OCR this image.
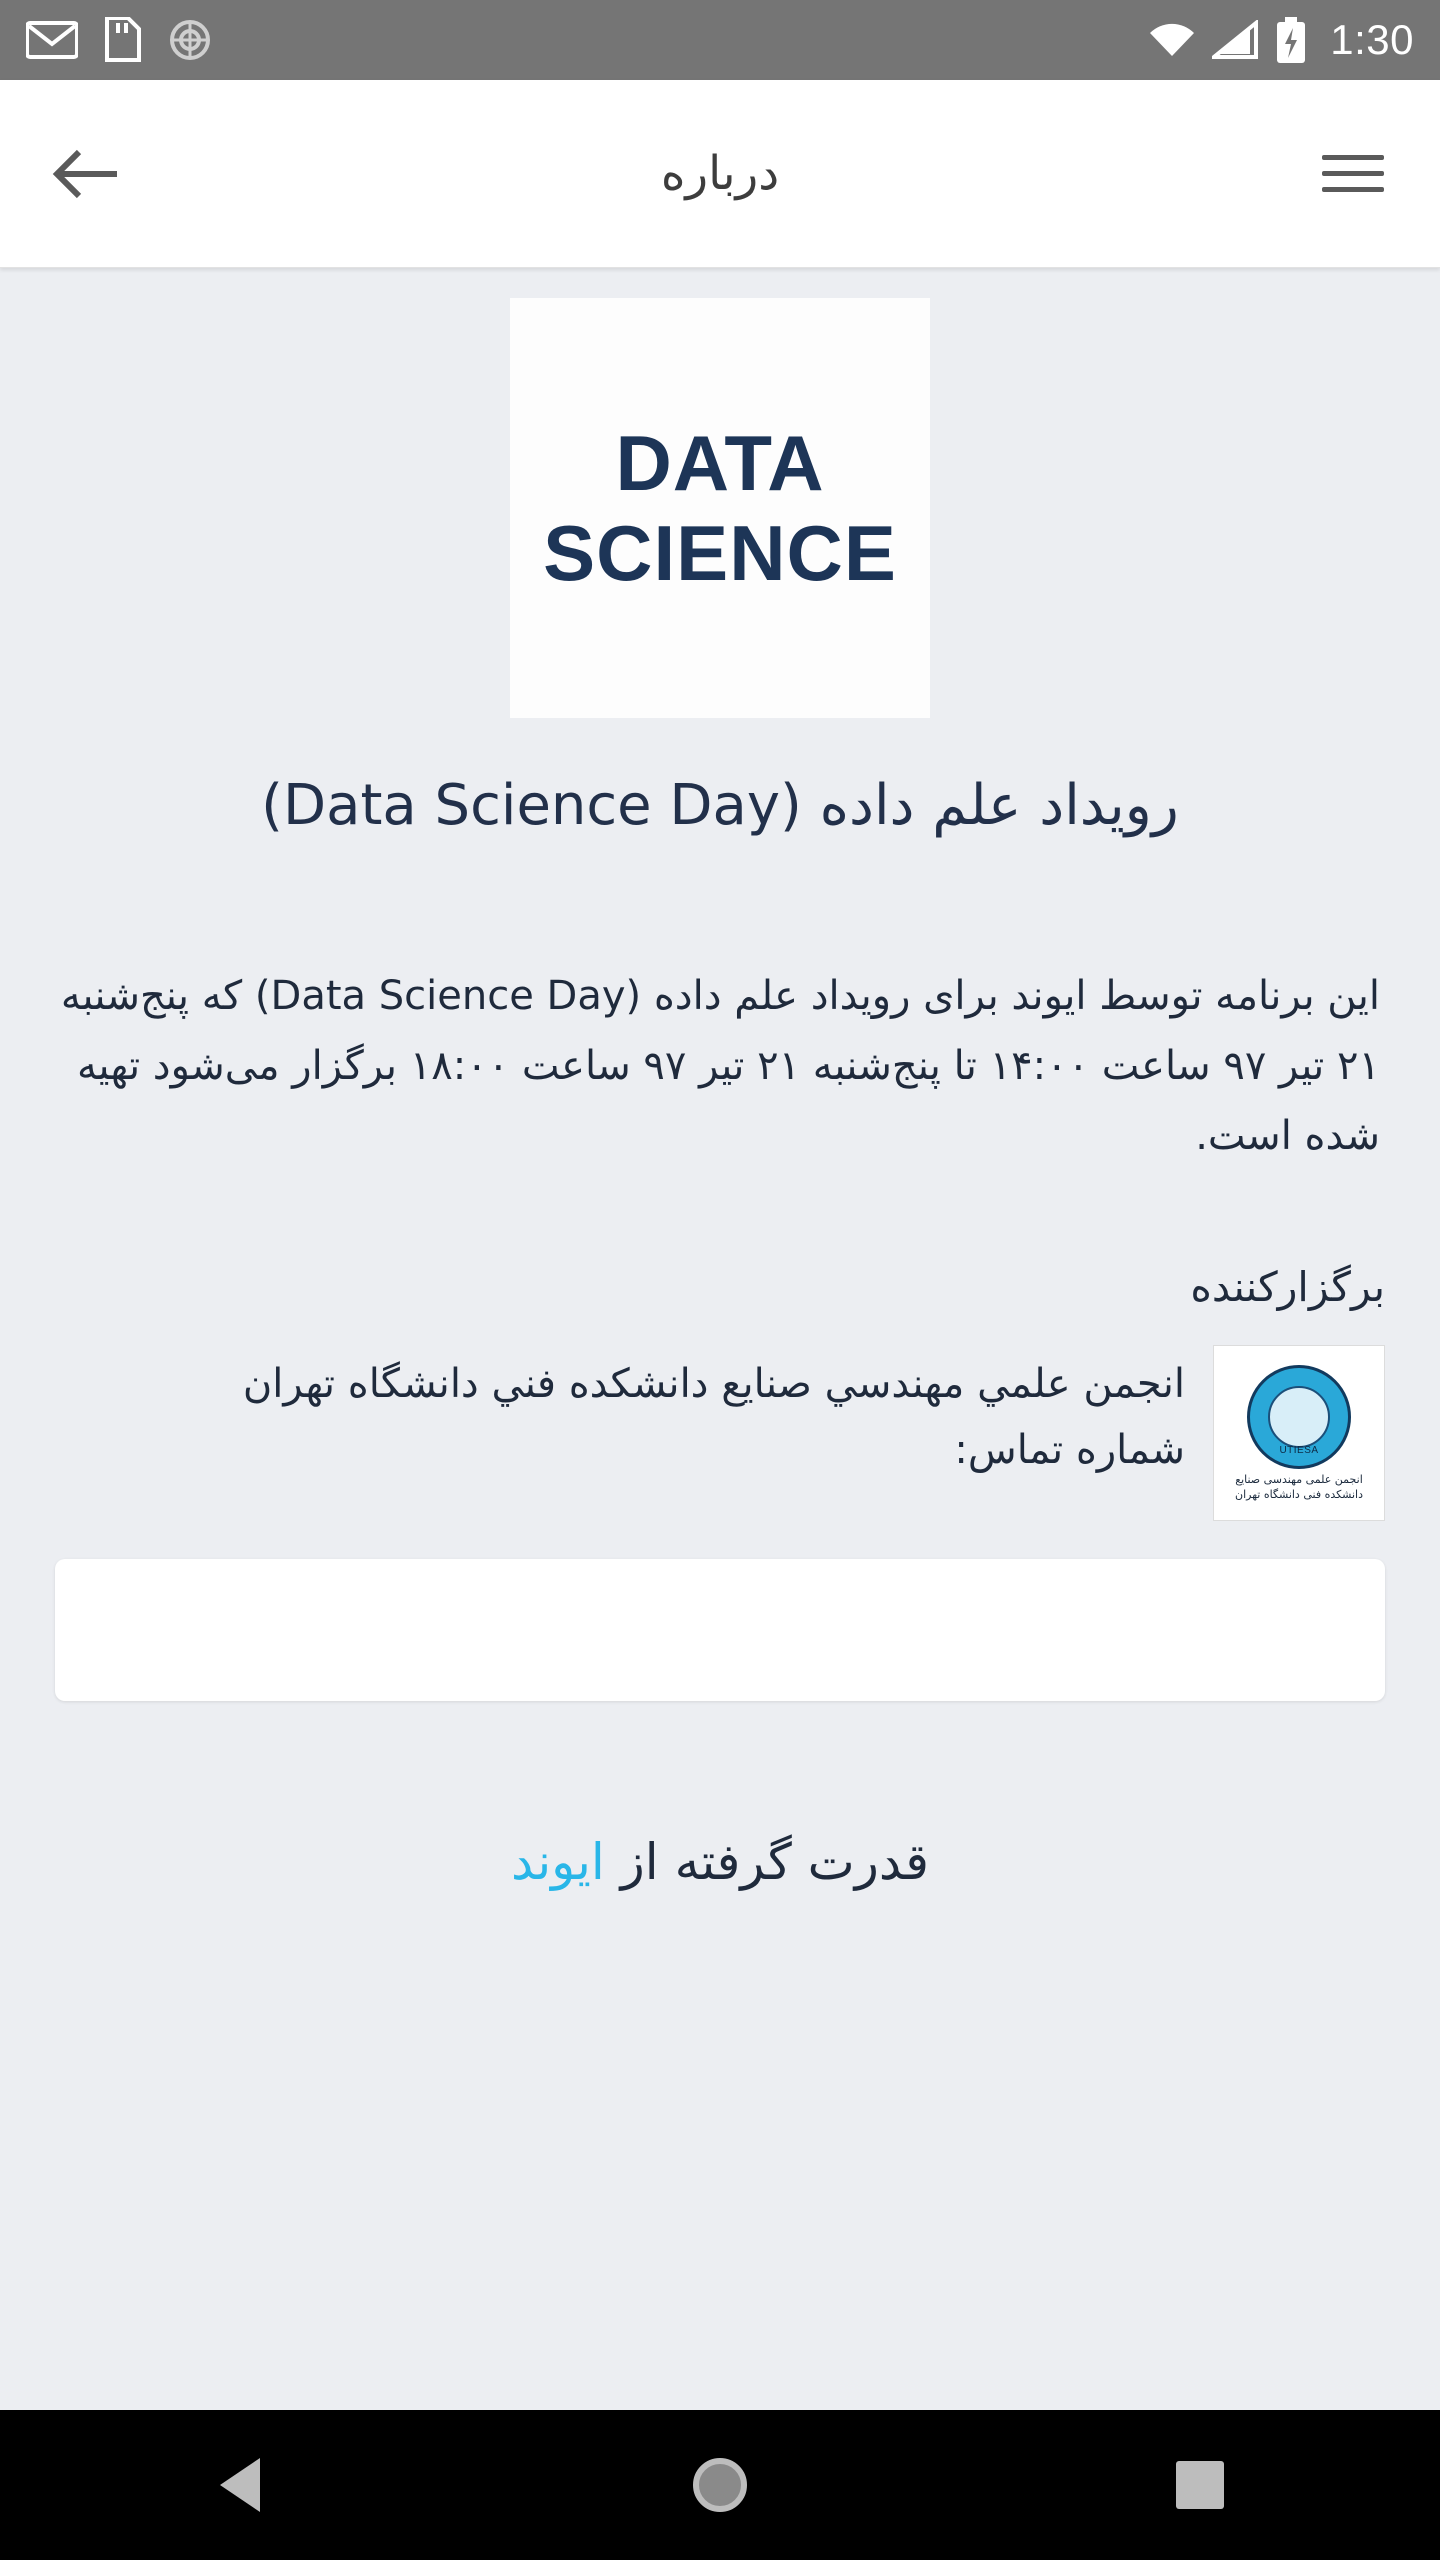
1:30
درباره
DATA
SCIENCE
رویداد علم داده (Data Science Day)
این برنامه توسط ایوند برای رویداد علم داده (Data Science Day) که پنج‌شنبه ۲۱ تیر ۹۷ ساعت ۱۴:۰۰ تا پنج‌شنبه ۲۱ تیر ۹۷ ساعت ۱۸:۰۰ برگزار می‌شود تهیه شده است.
برگزارکننده
UTIESA
انجمن علمی مهندسی صنایع دانشکده فنی دانشگاه تهران
انجمن علمي مهندسي صنايع دانشكده فني دانشگاه تهران
شماره تماس:
قدرت گرفته از ایوند
